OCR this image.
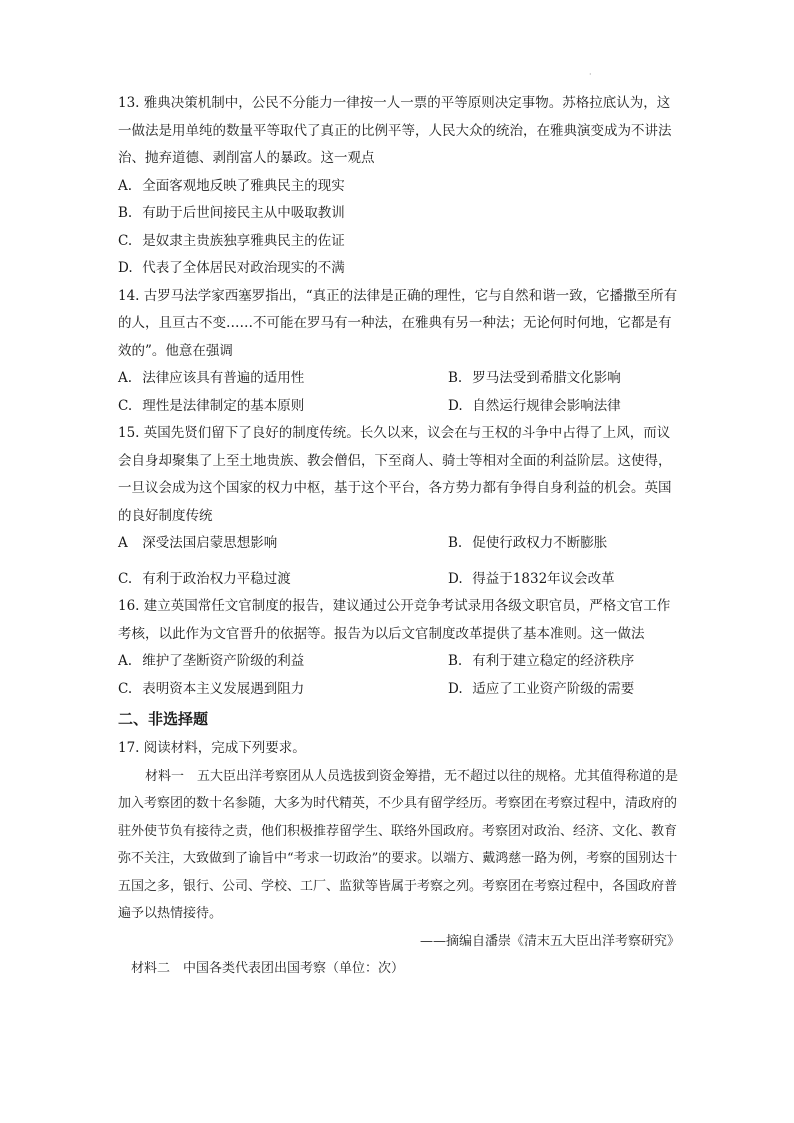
·

13. 雅典决策机制中，公民不分能力一律按一人一票的平等原则决定事物。苏格拉底认为，这一做法是用单纯的数量平等取代了真正的比例平等，人民大众的统治，在雅典演变成为不讲法治、抛弃道德、剥削富人的暴政。这一观点

A. 全面客观地反映了雅典民主的现实

B. 有助于后世间接民主从中吸取教训

C. 是奴隶主贵族独享雅典民主的佐证

D. 代表了全体居民对政治现实的不满

14. 古罗马法学家西塞罗指出，“真正的法律是正确的理性，它与自然和谐一致，它播撒至所有的人，且亘古不变……不可能在罗马有一种法，在雅典有另一种法；无论何时何地，它都是有效的”。他意在强调

A. 法律应该具有普遍的适用性	B. 罗马法受到希腊文化影响
C. 理性是法律制定的基本原则	D. 自然运行规律会影响法律

15. 英国先贤们留下了良好的制度传统。长久以来，议会在与王权的斗争中占得了上风，而议会自身却聚集了上至土地贵族、教会僧侣，下至商人、骑士等相对全面的利益阶层。这使得，一旦议会成为这个国家的权力中枢，基于这个平台，各方势力都有争得自身利益的机会。英国的良好制度传统

A 深受法国启蒙思想影响	B. 促使行政权力不断膨胀
C. 有利于政治权力平稳过渡	D. 得益于1832年议会改革

16. 建立英国常任文官制度的报告，建议通过公开竞争考试录用各级文职官员，严格文官工作考核，以此作为文官晋升的依据等。报告为以后文官制度改革提供了基本准则。这一做法

A. 维护了垄断资产阶级的利益	B. 有利于建立稳定的经济秩序
C. 表明资本主义发展遇到阻力	D. 适应了工业资产阶级的需要

二、非选择题

17. 阅读材料，完成下列要求。

材料一　五大臣出洋考察团从人员选拔到资金筹措，无不超过以往的规格。尤其值得称道的是加入考察团的数十名参随，大多为时代精英，不少具有留学经历。考察团在考察过程中，清政府的驻外使节负有接待之责，他们积极推荐留学生、联络外国政府。考察团对政治、经济、文化、教育弥不关注，大致做到了谕旨中“考求一切政治”的要求。以端方、戴鸿慈一路为例，考察的国别达十五国之多，银行、公司、学校、工厂、监狱等皆属于考察之列。考察团在考察过程中，各国政府普遍予以热情接待。

——摘编自潘崇《清末五大臣出洋考察研究》

材料二　中国各类代表团出国考察（单位：次）
